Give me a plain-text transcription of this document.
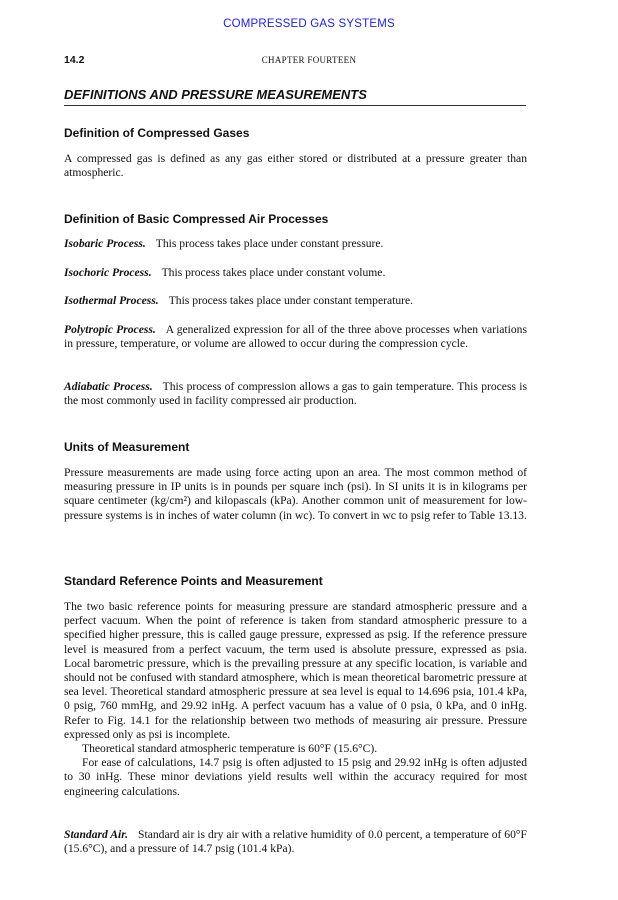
COMPRESSED GAS SYSTEMS
14.2	CHAPTER FOURTEEN
DEFINITIONS AND PRESSURE MEASUREMENTS
Definition of Compressed Gases

A compressed gas is defined as any gas either stored or distributed at a pressure greater than atmospheric.

Definition of Basic Compressed Air Processes

Isobaric Process. This process takes place under constant pressure.

Isochoric Process. This process takes place under constant volume.

Isothermal Process. This process takes place under constant temperature.

Polytropic Process. A generalized expression for all of the three above processes when variations in pressure, temperature, or volume are allowed to occur during the compression cycle.

Adiabatic Process. This process of compression allows a gas to gain temperature. This process is the most commonly used in facility compressed air production.

Units of Measurement

Pressure measurements are made using force acting upon an area. The most common method of measuring pressure in IP units is in pounds per square inch (psi). In SI units it is in kilograms per square centimeter (kg/cm²) and kilopascals (kPa). Another common unit of measurement for low-pressure systems is in inches of water column (in wc). To convert in wc to psig refer to Table 13.13.

Standard Reference Points and Measurement

The two basic reference points for measuring pressure are standard atmospheric pressure and a perfect vacuum. When the point of reference is taken from standard atmospheric pressure to a specified higher pressure, this is called gauge pressure, expressed as psig. If the reference pressure level is measured from a perfect vacuum, the term used is absolute pressure, expressed as psia. Local barometric pressure, which is the prevailing pressure at any specific location, is variable and should not be confused with standard atmosphere, which is mean theoretical barometric pressure at sea level. Theoretical standard atmospheric pressure at sea level is equal to 14.696 psia, 101.4 kPa, 0 psig, 760 mmHg, and 29.92 inHg. A perfect vacuum has a value of 0 psia, 0 kPa, and 0 inHg. Refer to Fig. 14.1 for the relationship between two methods of measuring air pressure. Pressure expressed only as psi is incomplete.
Theoretical standard atmospheric temperature is 60°F (15.6°C).
For ease of calculations, 14.7 psig is often adjusted to 15 psig and 29.92 inHg is often adjusted to 30 inHg. These minor deviations yield results well within the accuracy required for most engineering calculations.

Standard Air. Standard air is dry air with a relative humidity of 0.0 percent, a temperature of 60°F (15.6°C), and a pressure of 14.7 psig (101.4 kPa).
